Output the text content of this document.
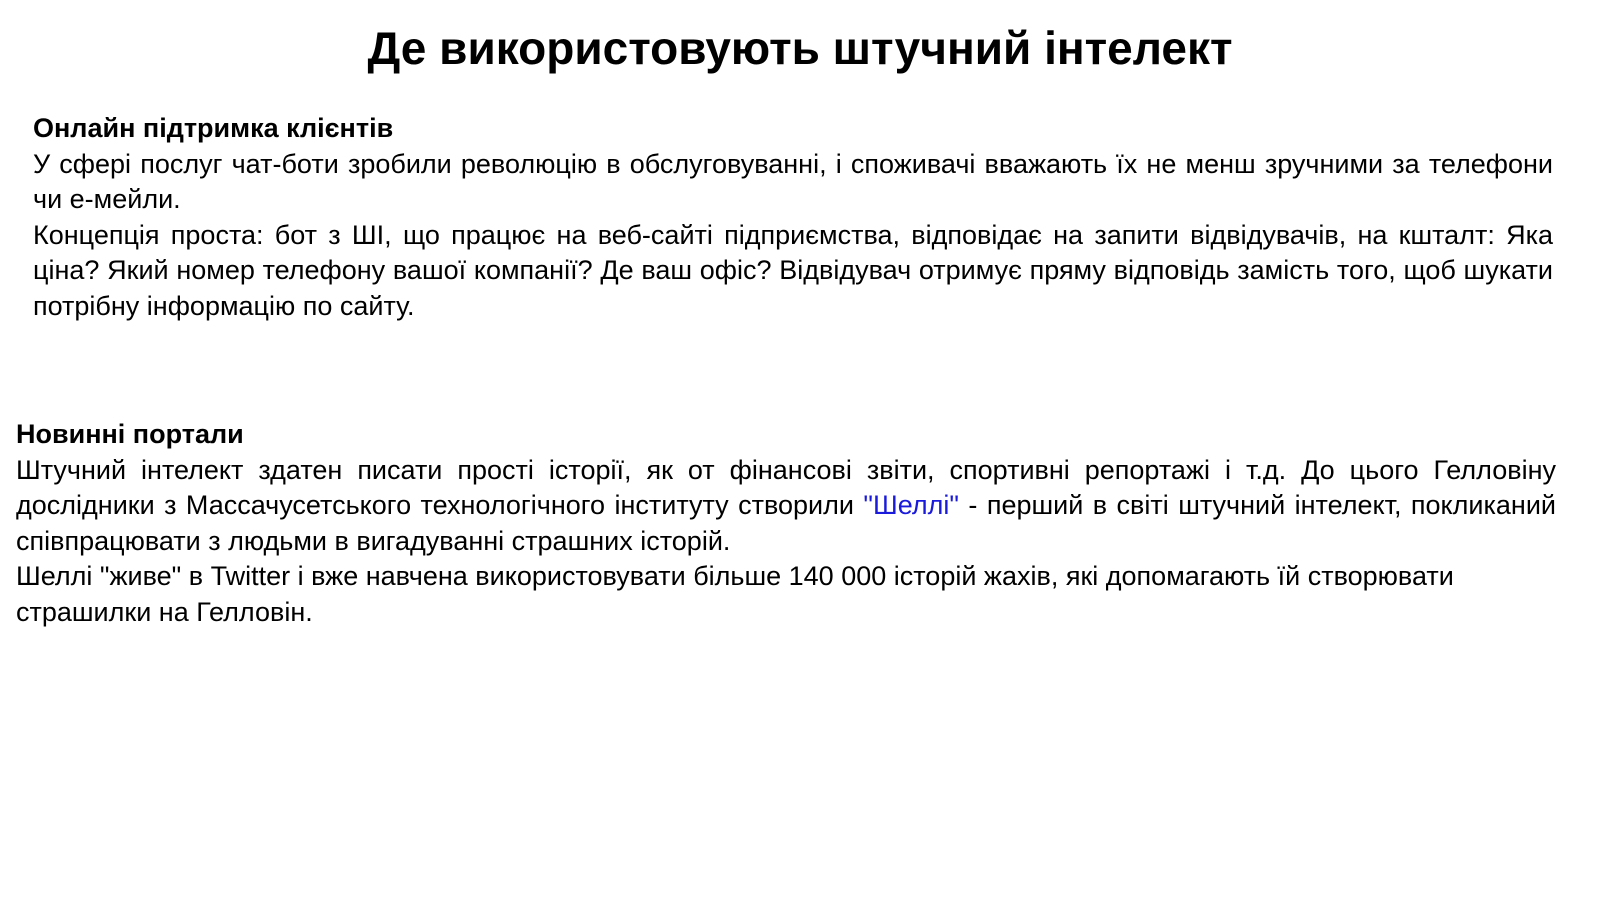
Де використовують штучний інтелект

Онлайн підтримка клієнтів

У сфері послуг чат-боти зробили революцію в обслуговуванні, і споживачі вважають їх не менш зручними за телефони чи е-мейли.

Концепція проста: бот з ШІ, що працює на веб-сайті підприємства, відповідає на запити відвідувачів, на кшталт: Яка ціна? Який номер телефону вашої компанії? Де ваш офіс? Відвідувач отримує пряму відповідь замість того, щоб шукати потрібну інформацію по сайту.

Новинні портали

Штучний інтелект здатен писати прості історії, як от фінансові звіти, спортивні репортажі і т.д. До цього Гелловіну дослідники з Массачусетського технологічного інституту створили "Шеллі" - перший в світі штучний інтелект, покликаний співпрацювати з людьми в вигадуванні страшних історій.

Шеллі "живе" в Twitter і вже навчена використовувати більше 140 000 історій жахів, які допомагають їй створювати страшилки на Гелловін.
